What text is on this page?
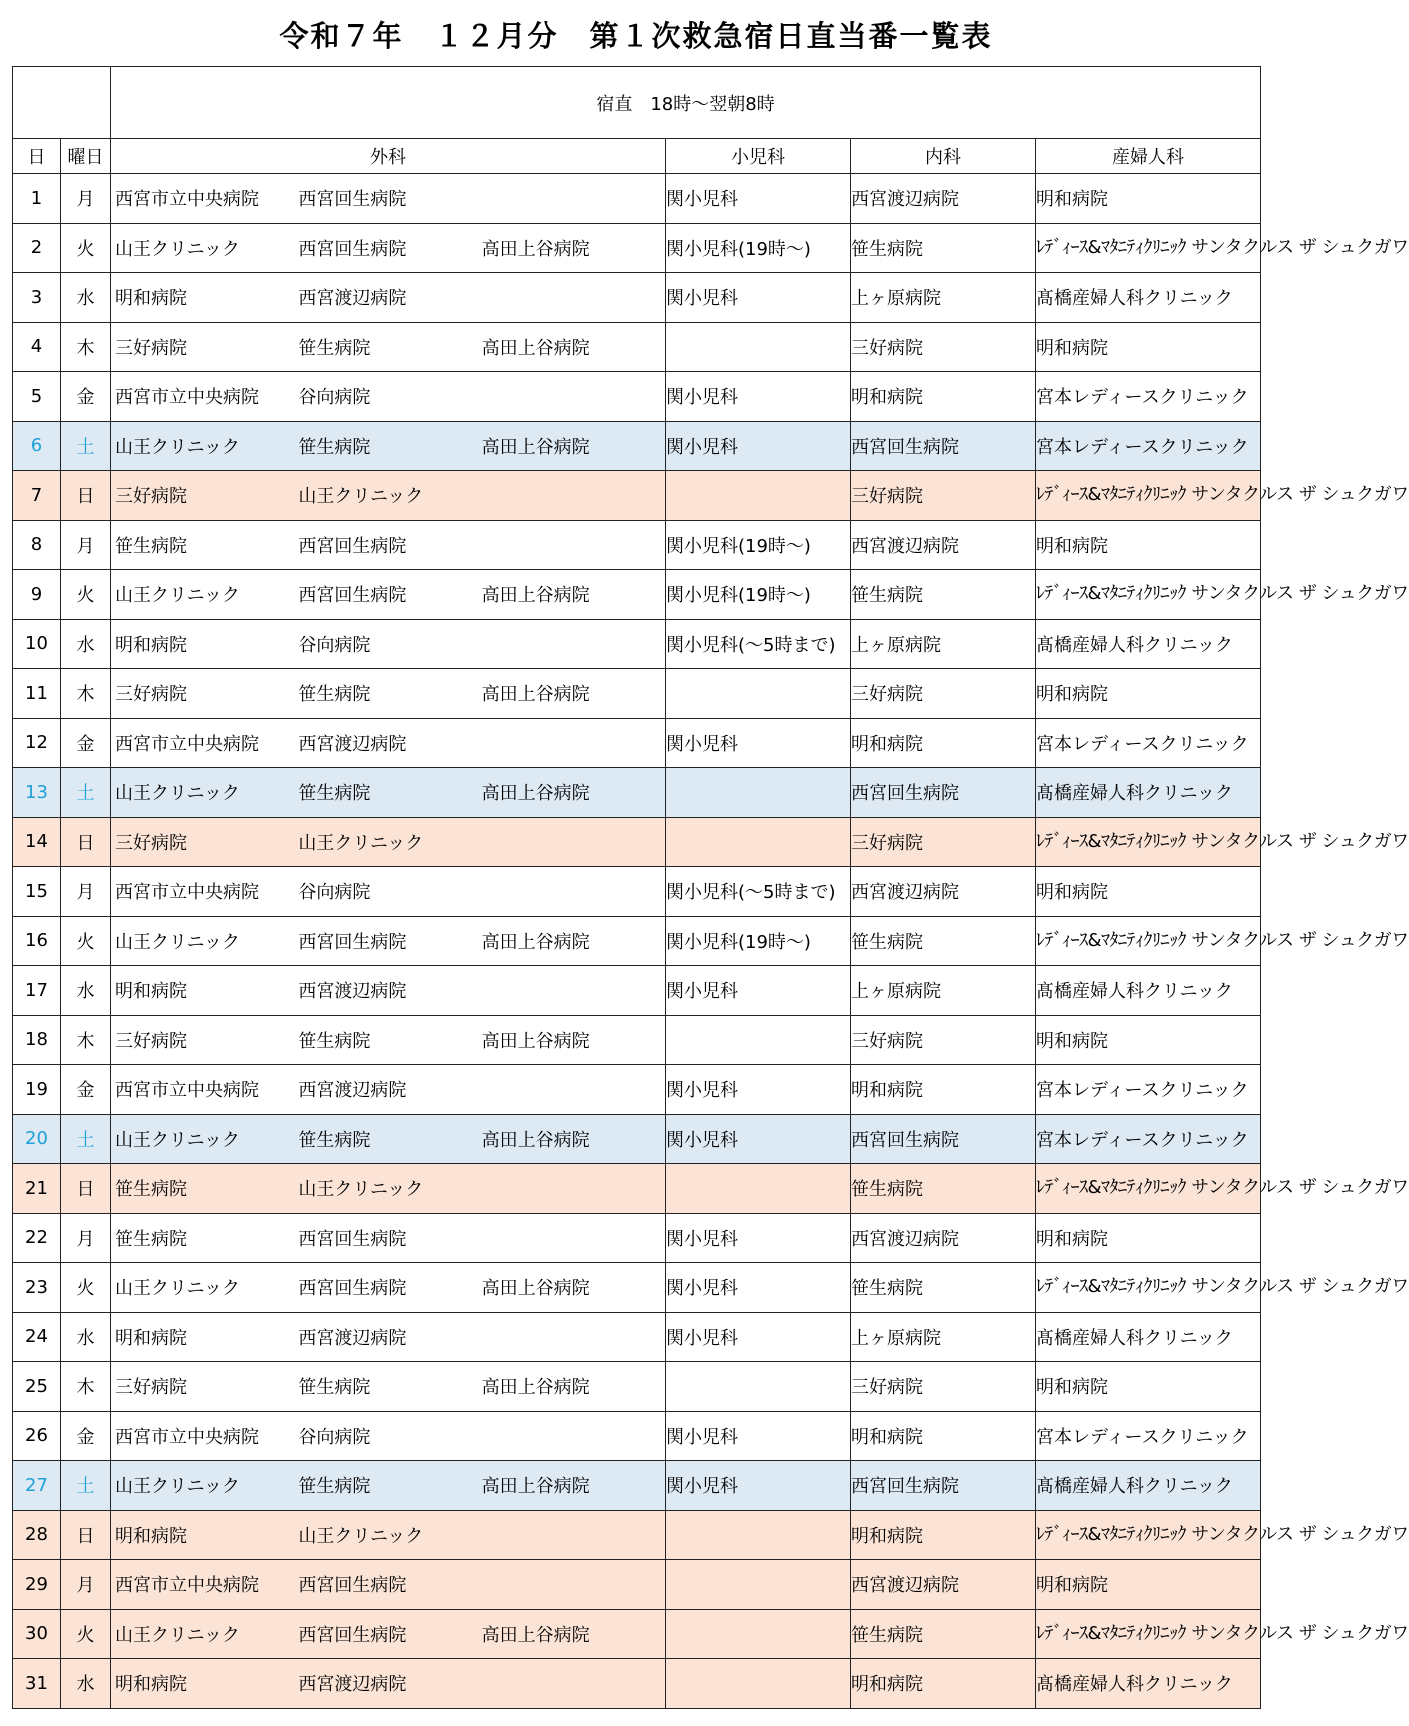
令和７年　１２月分　第１次救急宿日直当番一覧表
		宿直　18時～翌朝8時			
日	曜日	外科	小児科	内科	産婦人科
1	月	西宮市立中央病院 西宮回生病院	関小児科	西宮渡辺病院	明和病院
2	火	山王クリニック 西宮回生病院 高田上谷病院	関小児科(19時～)	笹生病院	ﾚﾃﾞｨｰｽ&ﾏﾀﾆﾃｨｸﾘﾆｯｸ サンタクルス ザ シュクガワ
3	水	明和病院 西宮渡辺病院	関小児科	上ヶ原病院	髙橋産婦人科クリニック
4	木	三好病院 笹生病院 高田上谷病院		三好病院	明和病院
5	金	西宮市立中央病院 谷向病院	関小児科	明和病院	宮本レディースクリニック
6	土	山王クリニック 笹生病院 高田上谷病院	関小児科	西宮回生病院	宮本レディースクリニック
7	日	三好病院 山王クリニック		三好病院	ﾚﾃﾞｨｰｽ&ﾏﾀﾆﾃｨｸﾘﾆｯｸ サンタクルス ザ シュクガワ
8	月	笹生病院 西宮回生病院	関小児科(19時～)	西宮渡辺病院	明和病院
9	火	山王クリニック 西宮回生病院 高田上谷病院	関小児科(19時～)	笹生病院	ﾚﾃﾞｨｰｽ&ﾏﾀﾆﾃｨｸﾘﾆｯｸ サンタクルス ザ シュクガワ
10	水	明和病院 谷向病院	関小児科(～5時まで)	上ヶ原病院	髙橋産婦人科クリニック
11	木	三好病院 笹生病院 高田上谷病院		三好病院	明和病院
12	金	西宮市立中央病院 西宮渡辺病院	関小児科	明和病院	宮本レディースクリニック
13	土	山王クリニック 笹生病院 高田上谷病院		西宮回生病院	髙橋産婦人科クリニック
14	日	三好病院 山王クリニック		三好病院	ﾚﾃﾞｨｰｽ&ﾏﾀﾆﾃｨｸﾘﾆｯｸ サンタクルス ザ シュクガワ
15	月	西宮市立中央病院 谷向病院	関小児科(～5時まで)	西宮渡辺病院	明和病院
16	火	山王クリニック 西宮回生病院 高田上谷病院	関小児科(19時～)	笹生病院	ﾚﾃﾞｨｰｽ&ﾏﾀﾆﾃｨｸﾘﾆｯｸ サンタクルス ザ シュクガワ
17	水	明和病院 西宮渡辺病院	関小児科	上ヶ原病院	髙橋産婦人科クリニック
18	木	三好病院 笹生病院 高田上谷病院		三好病院	明和病院
19	金	西宮市立中央病院 西宮渡辺病院	関小児科	明和病院	宮本レディースクリニック
20	土	山王クリニック 笹生病院 高田上谷病院	関小児科	西宮回生病院	宮本レディースクリニック
21	日	笹生病院 山王クリニック		笹生病院	ﾚﾃﾞｨｰｽ&ﾏﾀﾆﾃｨｸﾘﾆｯｸ サンタクルス ザ シュクガワ
22	月	笹生病院 西宮回生病院	関小児科	西宮渡辺病院	明和病院
23	火	山王クリニック 西宮回生病院 高田上谷病院	関小児科	笹生病院	ﾚﾃﾞｨｰｽ&ﾏﾀﾆﾃｨｸﾘﾆｯｸ サンタクルス ザ シュクガワ
24	水	明和病院 西宮渡辺病院	関小児科	上ヶ原病院	髙橋産婦人科クリニック
25	木	三好病院 笹生病院 高田上谷病院		三好病院	明和病院
26	金	西宮市立中央病院 谷向病院	関小児科	明和病院	宮本レディースクリニック
27	土	山王クリニック 笹生病院 高田上谷病院	関小児科	西宮回生病院	髙橋産婦人科クリニック
28	日	明和病院 山王クリニック		明和病院	ﾚﾃﾞｨｰｽ&ﾏﾀﾆﾃｨｸﾘﾆｯｸ サンタクルス ザ シュクガワ
29	月	西宮市立中央病院 西宮回生病院		西宮渡辺病院	明和病院
30	火	山王クリニック 西宮回生病院 高田上谷病院		笹生病院	ﾚﾃﾞｨｰｽ&ﾏﾀﾆﾃｨｸﾘﾆｯｸ サンタクルス ザ シュクガワ
31	水	明和病院 西宮渡辺病院		明和病院	髙橋産婦人科クリニック
